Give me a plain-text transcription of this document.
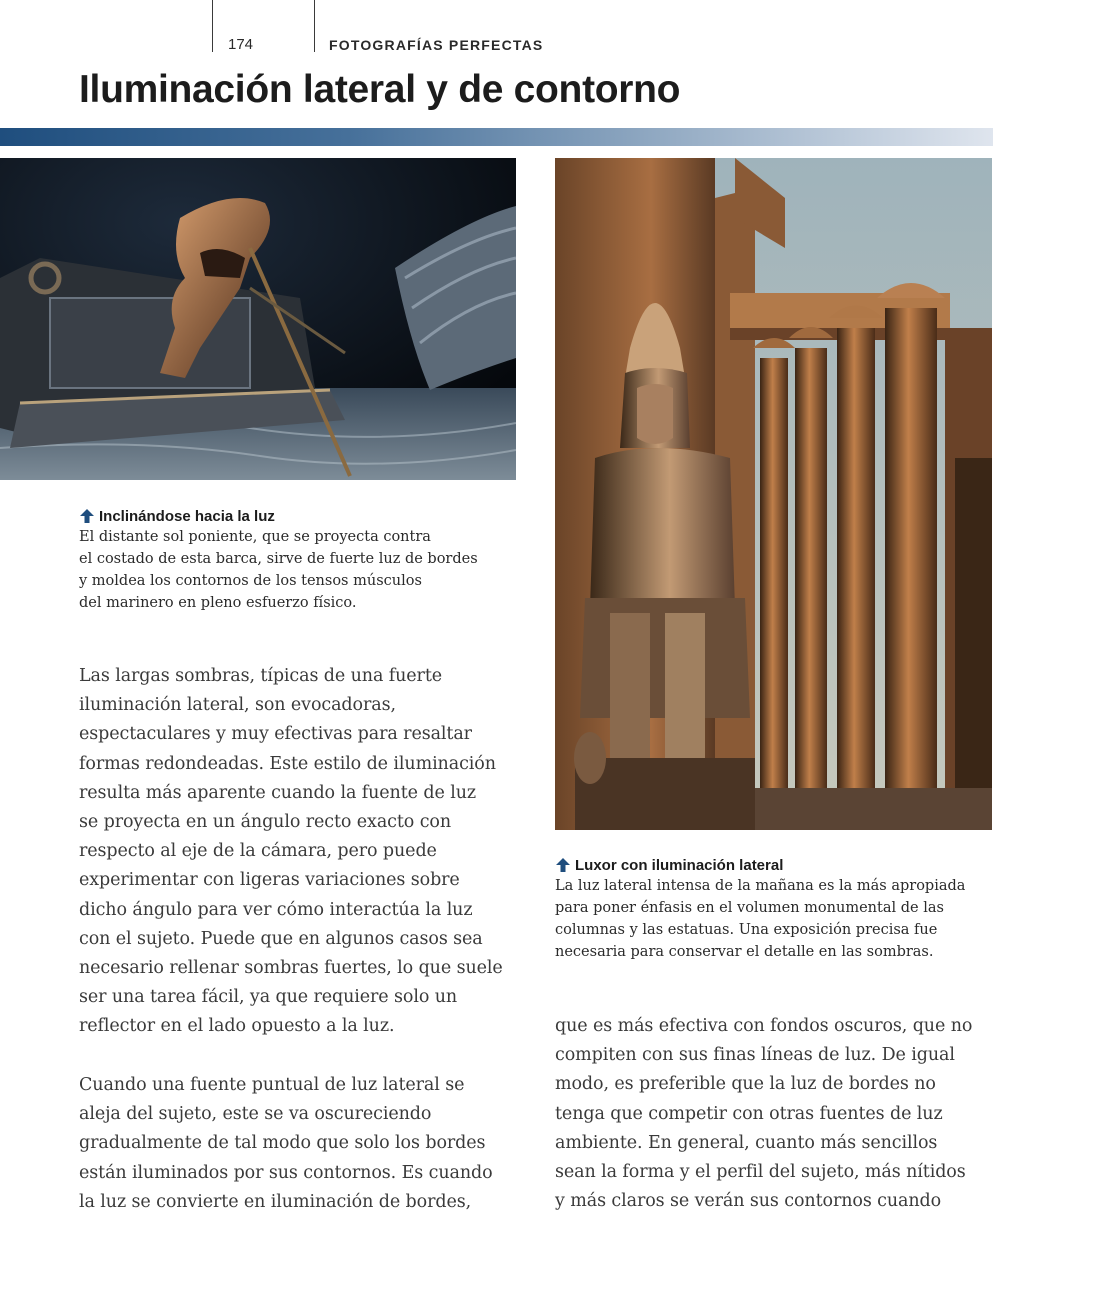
174	FOTOGRAFÍAS PERFECTAS
Iluminación lateral y de contorno
Inclinándose hacia la luz
El distante sol poniente, que se proyecta contra
el costado de esta barca, sirve de fuerte luz de bordes
y moldea los contornos de los tensos músculos
del marinero en pleno esfuerzo físico.
Luxor con iluminación lateral
La luz lateral intensa de la mañana es la más apropiada
para poner énfasis en el volumen monumental de las
columnas y las estatuas. Una exposición precisa fue
necesaria para conservar el detalle en las sombras.
Las largas sombras, típicas de una fuerte
iluminación lateral, son evocadoras,
espectaculares y muy efectivas para resaltar
formas redondeadas. Este estilo de iluminación
resulta más aparente cuando la fuente de luz
se proyecta en un ángulo recto exacto con
respecto al eje de la cámara, pero puede
experimentar con ligeras variaciones sobre
dicho ángulo para ver cómo interactúa la luz
con el sujeto. Puede que en algunos casos sea
necesario rellenar sombras fuertes, lo que suele
ser una tarea fácil, ya que requiere solo un
reflector en el lado opuesto a la luz.
Cuando una fuente puntual de luz lateral se
aleja del sujeto, este se va oscureciendo
gradualmente de tal modo que solo los bordes
están iluminados por sus contornos. Es cuando
la luz se convierte en iluminación de bordes,
que es más efectiva con fondos oscuros, que no
compiten con sus finas líneas de luz. De igual
modo, es preferible que la luz de bordes no
tenga que competir con otras fuentes de luz
ambiente. En general, cuanto más sencillos
sean la forma y el perfil del sujeto, más nítidos
y más claros se verán sus contornos cuando
